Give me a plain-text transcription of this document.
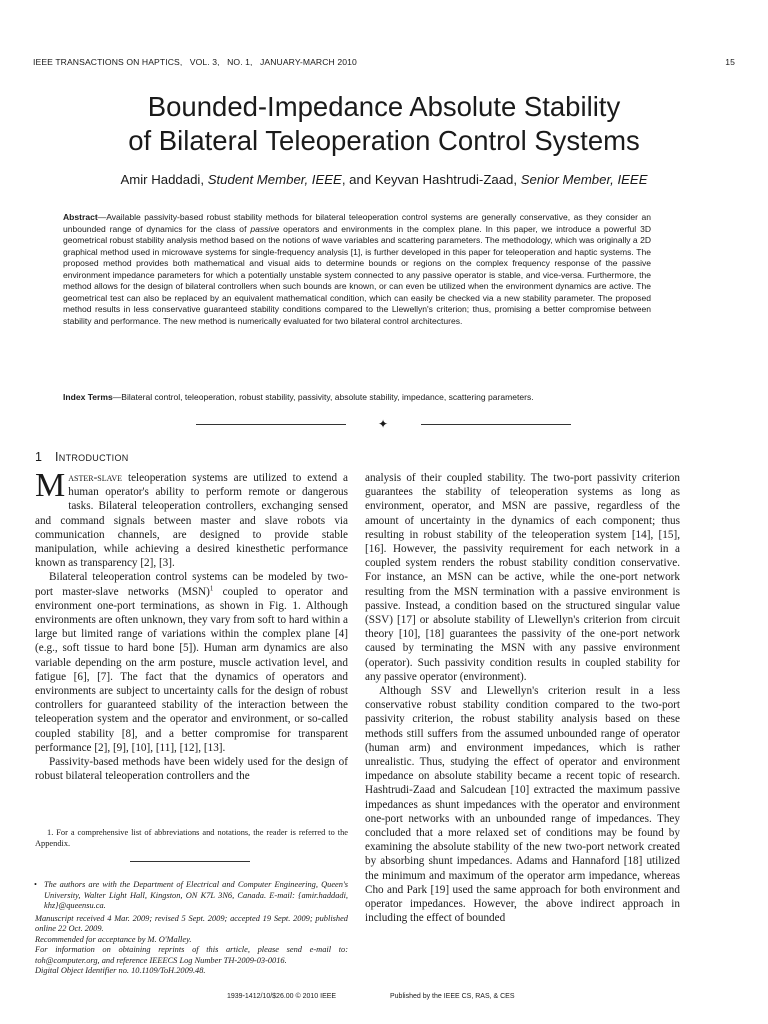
IEEE TRANSACTIONS ON HAPTICS,   VOL. 3,   NO. 1,   JANUARY-MARCH 2010	15
Bounded-Impedance Absolute Stability
of Bilateral Teleoperation Control Systems
Amir Haddadi, Student Member, IEEE, and Keyvan Hashtrudi-Zaad, Senior Member, IEEE
Abstract—Available passivity-based robust stability methods for bilateral teleoperation control systems are generally conservative, as they consider an unbounded range of dynamics for the class of passive operators and environments in the complex plane. In this paper, we introduce a powerful 3D geometrical robust stability analysis method based on the notions of wave variables and scattering parameters. The methodology, which was originally a 2D graphical method used in microwave systems for single-frequency analysis [1], is further developed in this paper for teleoperation and haptic systems. The proposed method provides both mathematical and visual aids to determine bounds or regions on the complex frequency response of the passive environment impedance parameters for which a potentially unstable system connected to any passive operator is stable, and vice-versa. Furthermore, the method allows for the design of bilateral controllers when such bounds are known, or can even be utilized when the environment dynamics are active. The geometrical test can also be replaced by an equivalent mathematical condition, which can easily be checked via a new stability parameter. The proposed method results in less conservative guaranteed stability conditions compared to the Llewellyn's criterion; thus, promising a better compromise between stability and performance. The new method is numerically evaluated for two bilateral control architectures.
Index Terms—Bilateral control, teleoperation, robust stability, passivity, absolute stability, impedance, scattering parameters.
✦
1 Introduction

Master-slave teleoperation systems are utilized to extend a human operator's ability to perform remote or dangerous tasks. Bilateral teleoperation controllers, exchanging sensed and command signals between master and slave robots via communication channels, are designed to provide stable manipulation, while achieving a desired kinesthetic performance known as transparency [2], [3].

Bilateral teleoperation control systems can be modeled by two-port master-slave networks (MSN)$^1$ coupled to operator and environment one-port terminations, as shown in Fig. 1. Although environments are often unknown, they vary from soft to hard within a large but limited range of variations within the complex plane [4] (e.g., soft tissue to hard bone [5]). Human arm dynamics are also variable depending on the arm posture, muscle activation level, and fatigue [6], [7]. The fact that the dynamics of operators and environments are subject to uncertainty calls for the design of robust controllers for guaranteed stability of the interaction between the teleoperation system and the operator and environment, or so-called coupled stability [8], and a better compromise for transparent performance [2], [9], [10], [11], [12], [13].

Passivity-based methods have been widely used for the design of robust bilateral teleoperation controllers and the

1. For a comprehensive list of abbreviations and notations, the reader is referred to the Appendix.
• The authors are with the Department of Electrical and Computer Engineering, Queen's University, Walter Light Hall, Kingston, ON K7L 3N6, Canada. E-mail: {amir.haddadi, khz}@queensu.ca.
Manuscript received 4 Mar. 2009; revised 5 Sept. 2009; accepted 19 Sept. 2009; published online 22 Oct. 2009.
Recommended for acceptance by M. O'Malley.
For information on obtaining reprints of this article, please send e-mail to: toh@computer.org, and reference IEEECS Log Number TH-2009-03-0016.
Digital Object Identifier no. 10.1109/ToH.2009.48.

analysis of their coupled stability. The two-port passivity criterion guarantees the stability of teleoperation systems as long as environment, operator, and MSN are passive, regardless of the amount of uncertainty in the dynamics of each component; thus resulting in robust stability of the teleoperation system [14], [15], [16]. However, the passivity requirement for each network in a coupled system renders the robust stability condition conservative. For instance, an MSN can be active, while the one-port network resulting from the MSN termination with a passive environment is passive. Instead, a condition based on the structured singular value (SSV) [17] or absolute stability of Llewellyn's criterion from circuit theory [10], [18] guarantees the passivity of the one-port network caused by terminating the MSN with any passive environment (operator). Such passivity condition results in coupled stability for any passive operator (environment).

Although SSV and Llewellyn's criterion result in a less conservative robust stability condition compared to the two-port passivity criterion, the robust stability analysis based on these methods still suffers from the assumed unbounded range of operator (human arm) and environment impedances, which is rather unrealistic. Thus, studying the effect of operator and environment impedance on absolute stability became a recent topic of research. Hashtrudi-Zaad and Salcudean [10] extracted the maximum passive impedances as shunt impedances with the operator and environment one-port networks with an unbounded range of impedances. They concluded that a more relaxed set of conditions may be found by examining the absolute stability of the new two-port network created by absorbing shunt impedances. Adams and Hannaford [18] utilized the minimum and maximum of the operator arm impedance, whereas Cho and Park [19] used the same approach for both environment and operator impedances. However, the above indirect approach in including the effect of bounded

1939-1412/10/$26.00 © 2010 IEEE	Published by the IEEE CS, RAS, & CES
